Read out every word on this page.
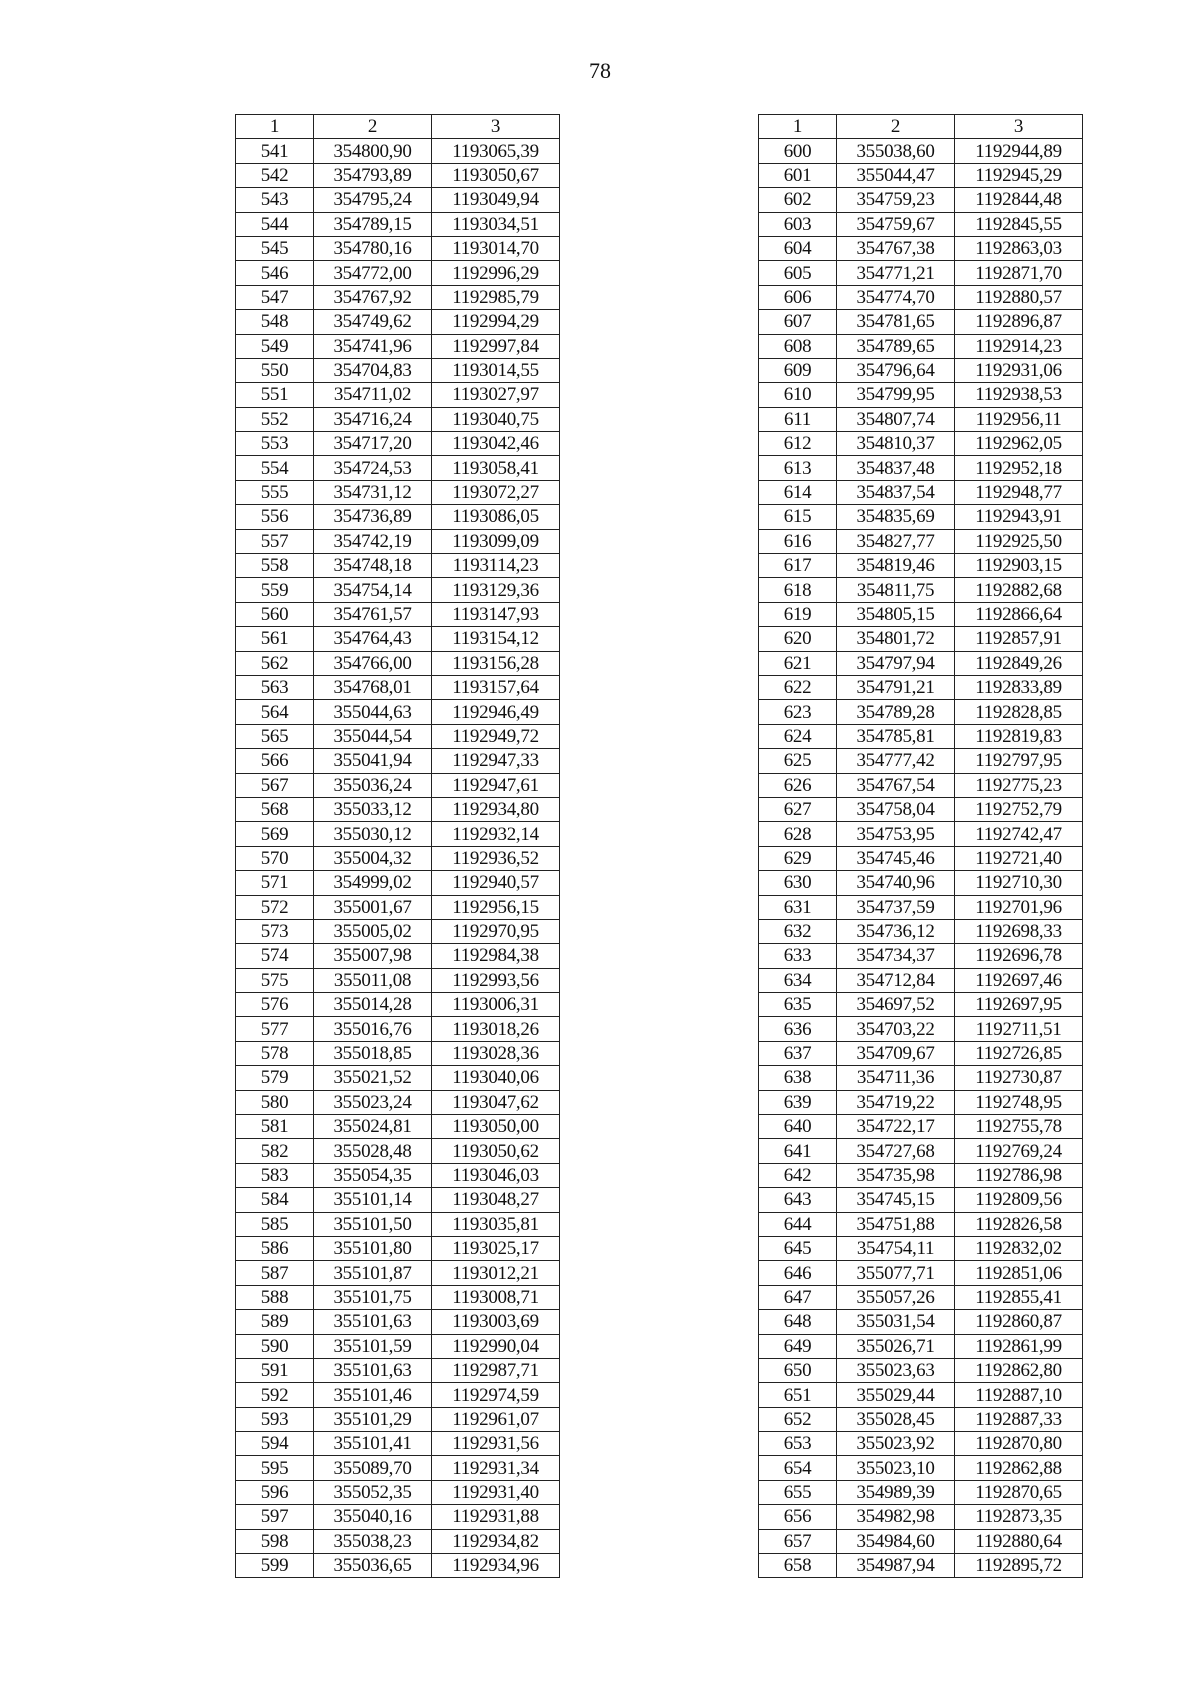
78
1	2	3
541	354800,90	1193065,39
542	354793,89	1193050,67
543	354795,24	1193049,94
544	354789,15	1193034,51
545	354780,16	1193014,70
546	354772,00	1192996,29
547	354767,92	1192985,79
548	354749,62	1192994,29
549	354741,96	1192997,84
550	354704,83	1193014,55
551	354711,02	1193027,97
552	354716,24	1193040,75
553	354717,20	1193042,46
554	354724,53	1193058,41
555	354731,12	1193072,27
556	354736,89	1193086,05
557	354742,19	1193099,09
558	354748,18	1193114,23
559	354754,14	1193129,36
560	354761,57	1193147,93
561	354764,43	1193154,12
562	354766,00	1193156,28
563	354768,01	1193157,64
564	355044,63	1192946,49
565	355044,54	1192949,72
566	355041,94	1192947,33
567	355036,24	1192947,61
568	355033,12	1192934,80
569	355030,12	1192932,14
570	355004,32	1192936,52
571	354999,02	1192940,57
572	355001,67	1192956,15
573	355005,02	1192970,95
574	355007,98	1192984,38
575	355011,08	1192993,56
576	355014,28	1193006,31
577	355016,76	1193018,26
578	355018,85	1193028,36
579	355021,52	1193040,06
580	355023,24	1193047,62
581	355024,81	1193050,00
582	355028,48	1193050,62
583	355054,35	1193046,03
584	355101,14	1193048,27
585	355101,50	1193035,81
586	355101,80	1193025,17
587	355101,87	1193012,21
588	355101,75	1193008,71
589	355101,63	1193003,69
590	355101,59	1192990,04
591	355101,63	1192987,71
592	355101,46	1192974,59
593	355101,29	1192961,07
594	355101,41	1192931,56
595	355089,70	1192931,34
596	355052,35	1192931,40
597	355040,16	1192931,88
598	355038,23	1192934,82
599	355036,65	1192934,96
1	2	3
600	355038,60	1192944,89
601	355044,47	1192945,29
602	354759,23	1192844,48
603	354759,67	1192845,55
604	354767,38	1192863,03
605	354771,21	1192871,70
606	354774,70	1192880,57
607	354781,65	1192896,87
608	354789,65	1192914,23
609	354796,64	1192931,06
610	354799,95	1192938,53
611	354807,74	1192956,11
612	354810,37	1192962,05
613	354837,48	1192952,18
614	354837,54	1192948,77
615	354835,69	1192943,91
616	354827,77	1192925,50
617	354819,46	1192903,15
618	354811,75	1192882,68
619	354805,15	1192866,64
620	354801,72	1192857,91
621	354797,94	1192849,26
622	354791,21	1192833,89
623	354789,28	1192828,85
624	354785,81	1192819,83
625	354777,42	1192797,95
626	354767,54	1192775,23
627	354758,04	1192752,79
628	354753,95	1192742,47
629	354745,46	1192721,40
630	354740,96	1192710,30
631	354737,59	1192701,96
632	354736,12	1192698,33
633	354734,37	1192696,78
634	354712,84	1192697,46
635	354697,52	1192697,95
636	354703,22	1192711,51
637	354709,67	1192726,85
638	354711,36	1192730,87
639	354719,22	1192748,95
640	354722,17	1192755,78
641	354727,68	1192769,24
642	354735,98	1192786,98
643	354745,15	1192809,56
644	354751,88	1192826,58
645	354754,11	1192832,02
646	355077,71	1192851,06
647	355057,26	1192855,41
648	355031,54	1192860,87
649	355026,71	1192861,99
650	355023,63	1192862,80
651	355029,44	1192887,10
652	355028,45	1192887,33
653	355023,92	1192870,80
654	355023,10	1192862,88
655	354989,39	1192870,65
656	354982,98	1192873,35
657	354984,60	1192880,64
658	354987,94	1192895,72
